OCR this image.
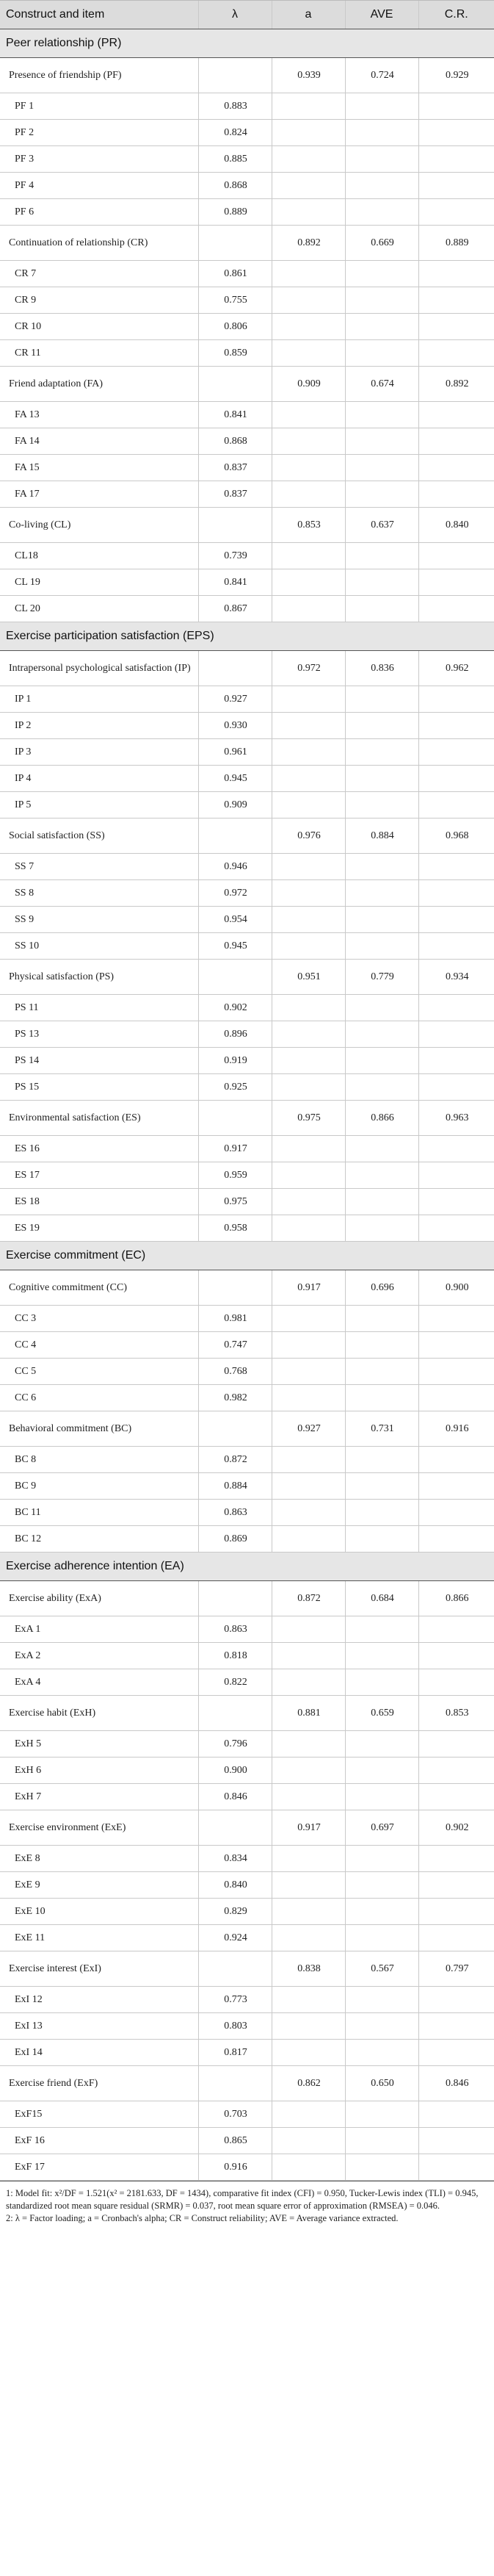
Construct and item	λ	a	AVE	C.R.
Peer relationship (PR)				
Presence of friendship (PF)		0.939	0.724	0.929
PF 1	0.883			
PF 2	0.824			
PF 3	0.885			
PF 4	0.868			
PF 6	0.889			
Continuation of relationship (CR)		0.892	0.669	0.889
CR 7	0.861			
CR 9	0.755			
CR 10	0.806			
CR 11	0.859			
Friend adaptation (FA)		0.909	0.674	0.892
FA 13	0.841			
FA 14	0.868			
FA 15	0.837			
FA 17	0.837			
Co-living (CL)		0.853	0.637	0.840
CL18	0.739			
CL 19	0.841			
CL 20	0.867			
Exercise participation satisfaction (EPS)				
Intrapersonal psychological satisfaction (IP)		0.972	0.836	0.962
IP 1	0.927			
IP 2	0.930			
IP 3	0.961			
IP 4	0.945			
IP 5	0.909			
Social satisfaction (SS)		0.976	0.884	0.968
SS 7	0.946			
SS 8	0.972			
SS 9	0.954			
SS 10	0.945			
Physical satisfaction (PS)		0.951	0.779	0.934
PS 11	0.902			
PS 13	0.896			
PS 14	0.919			
PS 15	0.925			
Environmental satisfaction (ES)		0.975	0.866	0.963
ES 16	0.917			
ES 17	0.959			
ES 18	0.975			
ES 19	0.958			
Exercise commitment (EC)				
Cognitive commitment (CC)		0.917	0.696	0.900
CC 3	0.981			
CC 4	0.747			
CC 5	0.768			
CC 6	0.982			
Behavioral commitment (BC)		0.927	0.731	0.916
BC 8	0.872			
BC 9	0.884			
BC 11	0.863			
BC 12	0.869			
Exercise adherence intention (EA)				
Exercise ability (ExA)		0.872	0.684	0.866
ExA 1	0.863			
ExA 2	0.818			
ExA 4	0.822			
Exercise habit (ExH)		0.881	0.659	0.853
ExH 5	0.796			
ExH 6	0.900			
ExH 7	0.846			
Exercise environment (ExE)		0.917	0.697	0.902
ExE 8	0.834			
ExE 9	0.840			
ExE 10	0.829			
ExE 11	0.924			
Exercise interest (ExI)		0.838	0.567	0.797
ExI 12	0.773			
ExI 13	0.803			
ExI 14	0.817			
Exercise friend (ExF)		0.862	0.650	0.846
ExF15	0.703			
ExF 16	0.865			
ExF 17	0.916			

1: Model fit: x²/DF = 1.521(x² = 2181.633, DF = 1434), comparative fit index (CFI) = 0.950, Tucker-Lewis index (TLI) = 0.945, standardized root mean square residual (SRMR) = 0.037, root mean square error of approximation (RMSEA) = 0.046.

2: λ = Factor loading; a = Cronbach's alpha; CR = Construct reliability; AVE = Average variance extracted.
